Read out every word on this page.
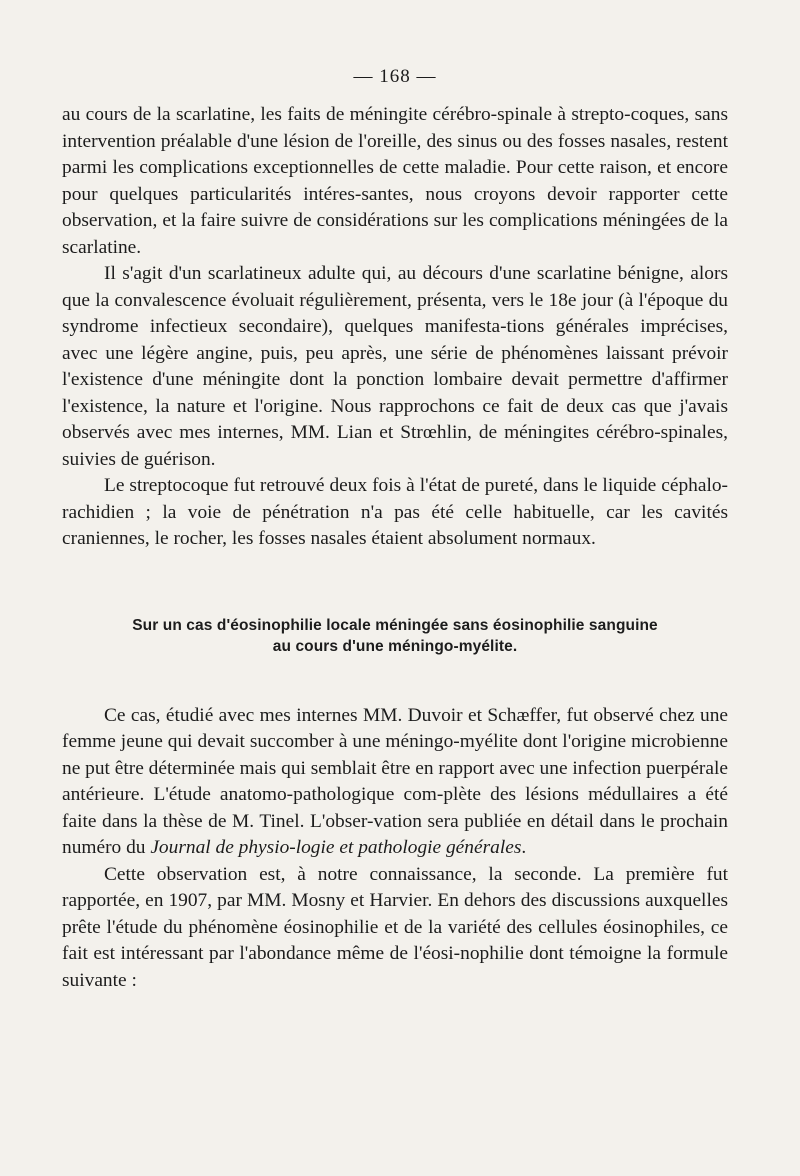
— 168 —

au cours de la scarlatine, les faits de méningite cérébro-spinale à strepto-coques, sans intervention préalable d'une lésion de l'oreille, des sinus ou des fosses nasales, restent parmi les complications exceptionnelles de cette maladie. Pour cette raison, et encore pour quelques particularités intéres-santes, nous croyons devoir rapporter cette observation, et la faire suivre de considérations sur les complications méningées de la scarlatine.

Il s'agit d'un scarlatineux adulte qui, au décours d'une scarlatine bénigne, alors que la convalescence évoluait régulièrement, présenta, vers le 18e jour (à l'époque du syndrome infectieux secondaire), quelques manifesta-tions générales imprécises, avec une légère angine, puis, peu après, une série de phénomènes laissant prévoir l'existence d'une méningite dont la ponction lombaire devait permettre d'affirmer l'existence, la nature et l'origine. Nous rapprochons ce fait de deux cas que j'avais observés avec mes internes, MM. Lian et Strœhlin, de méningites cérébro-spinales, suivies de guérison.

Le streptocoque fut retrouvé deux fois à l'état de pureté, dans le liquide céphalo-rachidien ; la voie de pénétration n'a pas été celle habituelle, car les cavités craniennes, le rocher, les fosses nasales étaient absolument normaux.

Sur un cas d'éosinophilie locale méningée sans éosinophilie sanguine
au cours d'une méningo-myélite.

Ce cas, étudié avec mes internes MM. Duvoir et Schæffer, fut observé chez une femme jeune qui devait succomber à une méningo-myélite dont l'origine microbienne ne put être déterminée mais qui semblait être en rapport avec une infection puerpérale antérieure. L'étude anatomo-pathologique com-plète des lésions médullaires a été faite dans la thèse de M. Tinel. L'obser-vation sera publiée en détail dans le prochain numéro du Journal de physio-logie et pathologie générales.

Cette observation est, à notre connaissance, la seconde. La première fut rapportée, en 1907, par MM. Mosny et Harvier. En dehors des discussions auxquelles prête l'étude du phénomène éosinophilie et de la variété des cellules éosinophiles, ce fait est intéressant par l'abondance même de l'éosi-nophilie dont témoigne la formule suivante :
